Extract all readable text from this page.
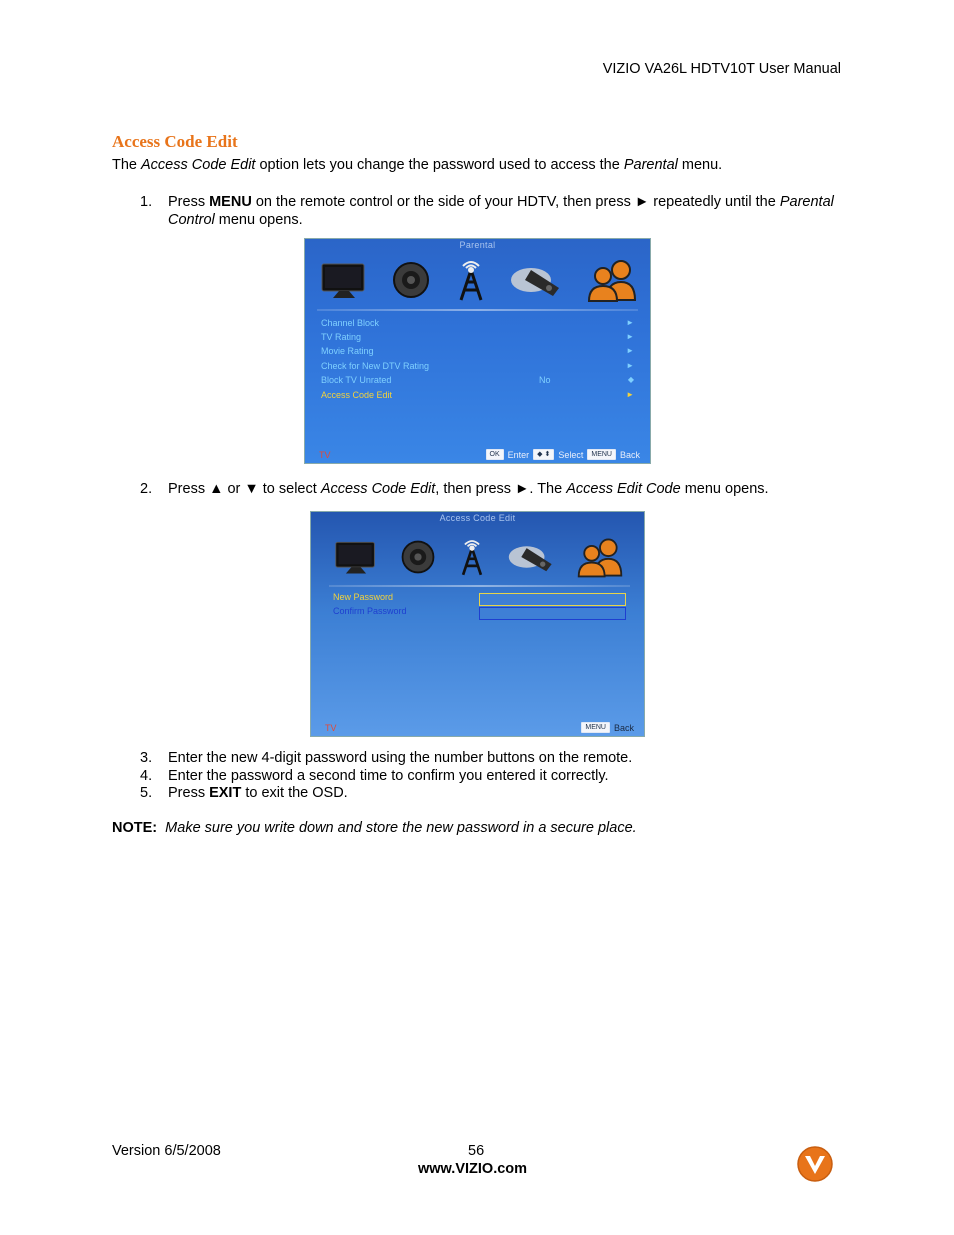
VIZIO VA26L HDTV10T User Manual
Access Code Edit
The Access Code Edit option lets you change the password used to access the Parental menu.
1.	Press MENU on the remote control or the side of your HDTV, then press ► repeatedly until the Parental Control menu opens.
Parental
Channel Block	►
TV Rating	►
Movie Rating	►
Check for New DTV Rating	►
Block TV Unrated	No	◆
Access Code Edit	►
TV	OK Enter	◆ ⬍ Select	MENU Back
2.	Press ▲ or ▼ to select Access Code Edit, then press ►. The Access Edit Code menu opens.
Access Code Edit
New Password
Confirm Password
TV	MENU Back
3.	Enter the new 4-digit password using the number buttons on the remote.
4.	Enter the password a second time to confirm you entered it correctly.
5.	Press EXIT to exit the OSD.
NOTE: Make sure you write down and store the new password in a secure place.
Version 6/5/2008	56
www.VIZIO.com
